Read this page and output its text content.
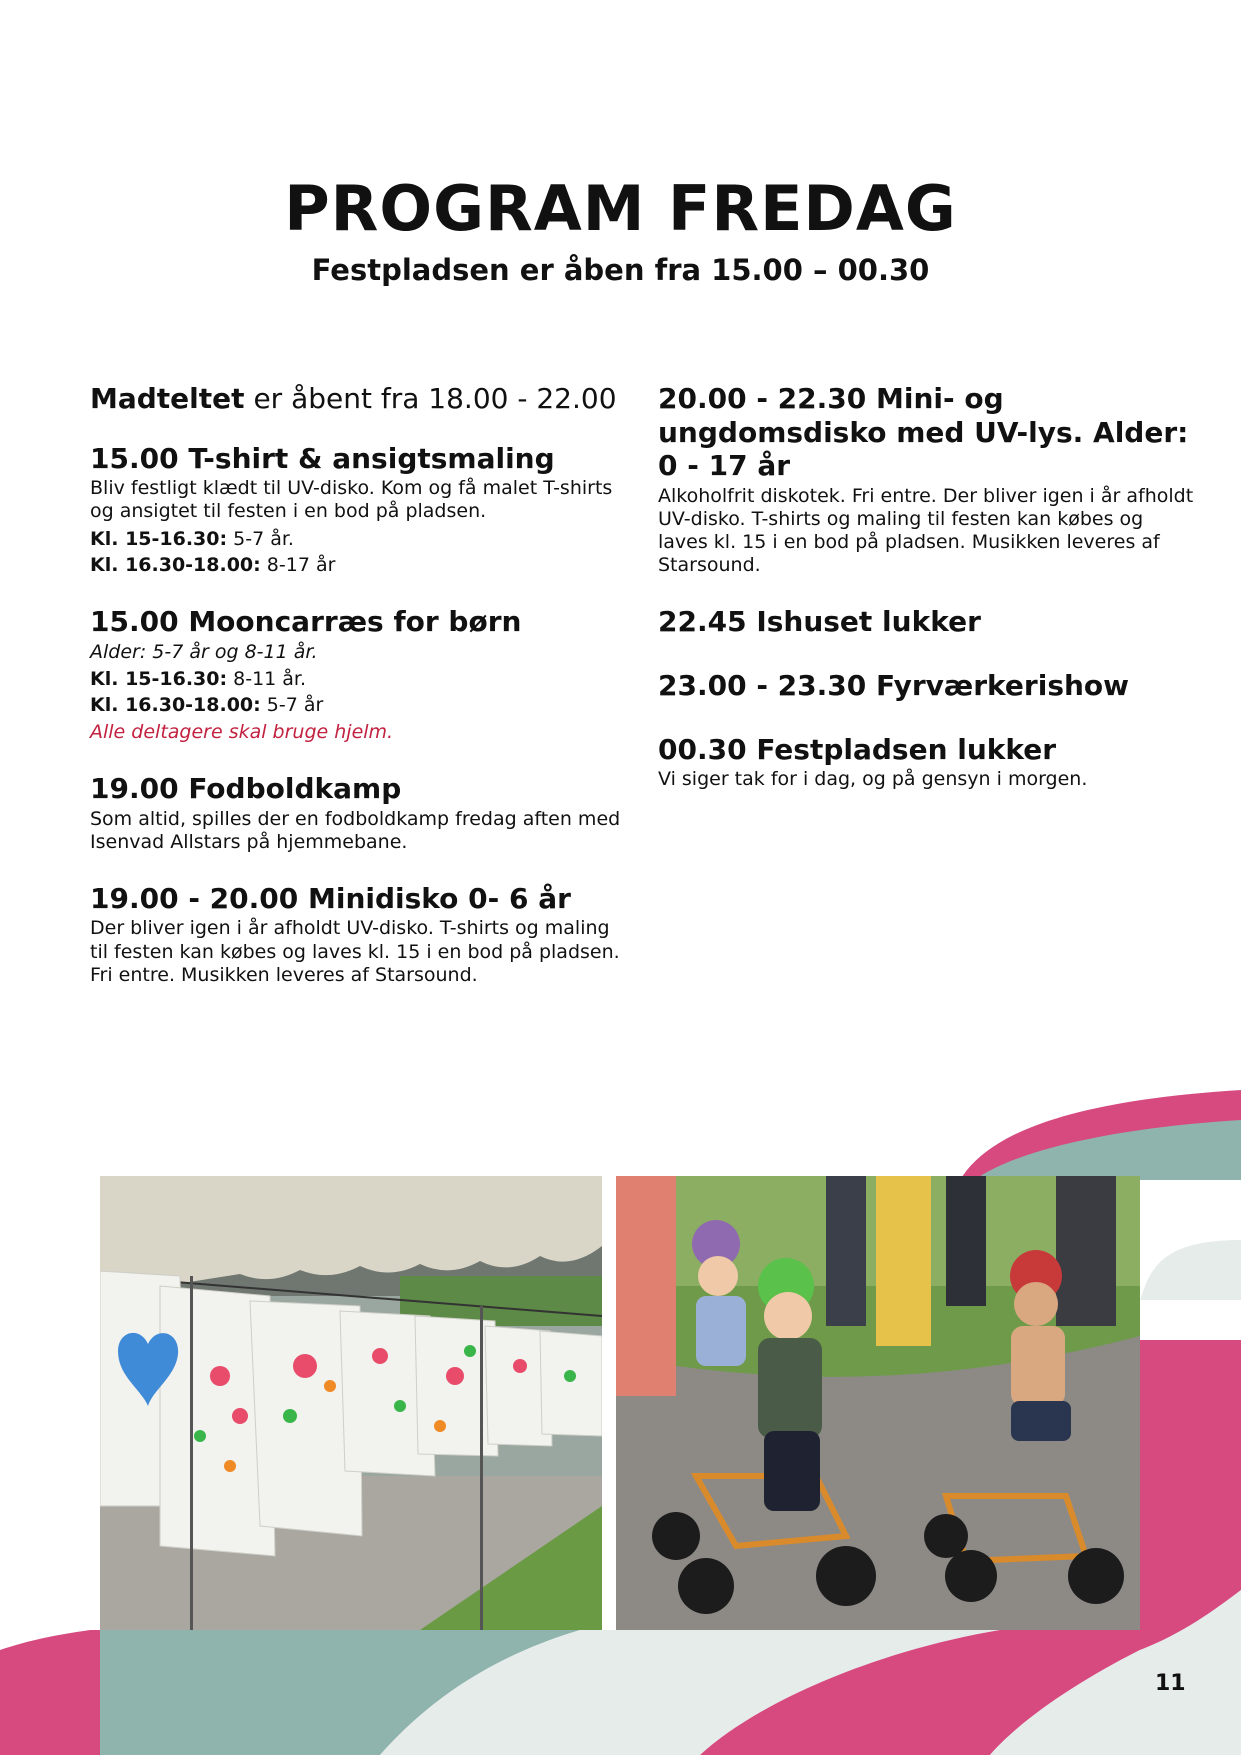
PROGRAM FREDAG
Festpladsen er åben fra 15.00 – 00.30

Madteltet er åbent fra 18.00 - 22.00

15.00 T-shirt & ansigtsmaling

Bliv festligt klædt til UV-disko. Kom og få malet T-shirts og ansigtet til festen i en bod på pladsen.

Kl. 15-16.30: 5-7 år.

Kl. 16.30-18.00: 8-17 år

15.00 Mooncarræs for børn

Alder: 5-7 år og 8-11 år.

Kl. 15-16.30: 8-11 år.

Kl. 16.30-18.00: 5-7 år

Alle deltagere skal bruge hjelm.

19.00 Fodboldkamp

Som altid, spilles der en fodboldkamp fredag aften med Isenvad Allstars på hjemmebane.

19.00 - 20.00 Minidisko 0- 6 år

Der bliver igen i år afholdt UV-disko. T-shirts og maling til festen kan købes og laves kl. 15 i en bod på pladsen. Fri entre. Musikken leveres af Starsound.

20.00 - 22.30 Mini- og ungdomsdisko med UV-lys. Alder: 0 - 17 år

Alkoholfrit diskotek. Fri entre. Der bliver igen i år afholdt UV-disko. T-shirts og maling til festen kan købes og laves kl. 15 i en bod på pladsen. Musikken leveres af Starsound.

22.45 Ishuset lukker
23.00 - 23.30 Fyrværkerishow
00.30 Festpladsen lukker

Vi siger tak for i dag, og på gensyn i morgen.

11
